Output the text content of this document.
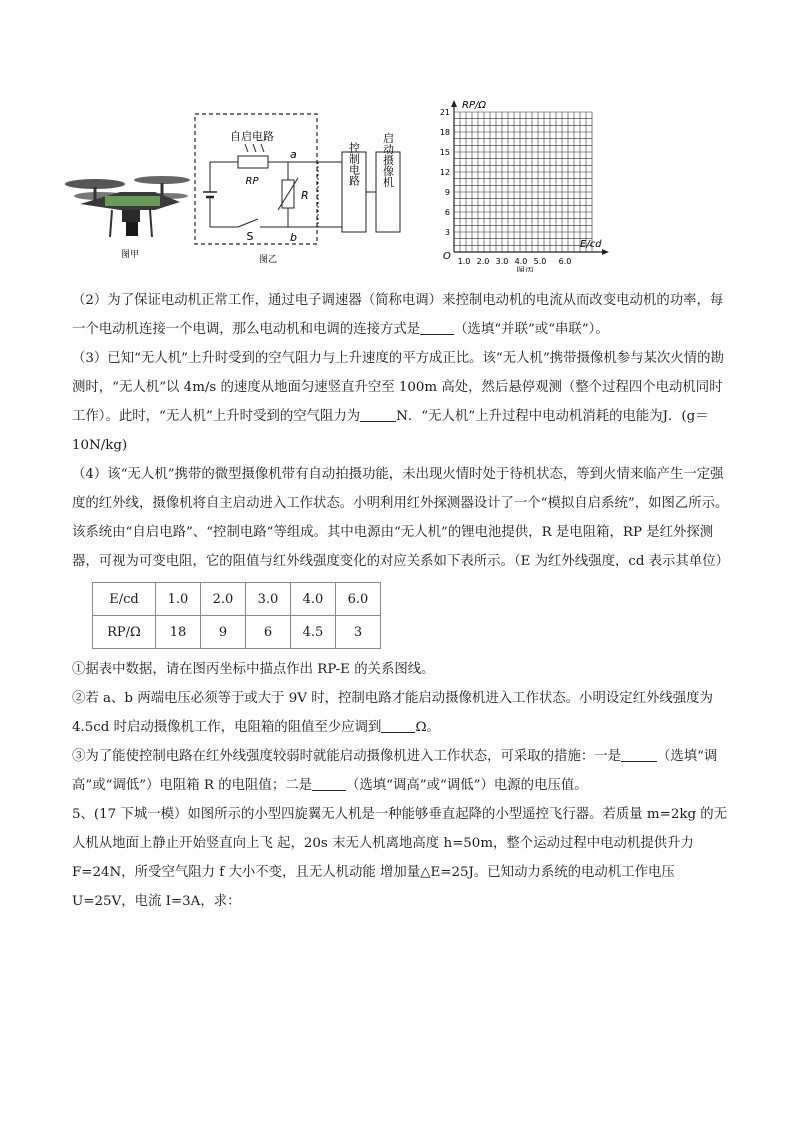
图甲
自启电路
RP
S
R
a
b
控制电路 启动摄像机
图乙
RP/Ω
E/cd
O
3
6
9
12
15
18
21
1.0 2.0 3.0 4.0 5.0 6.0
图丙

（2）为了保证电动机正常工作，通过电子调速器（简称电调）来控制电动机的电流从而改变电动机的功率，每一个电动机连接一个电调，那么电动机和电调的连接方式是	（选填“并联”或“串联”）。

（3）已知“无人机”上升时受到的空气阻力与上升速度的平方成正比。该“无人机”携带摄像机参与某次火情的勘测时，“无人机”以 4m/s 的速度从地面匀速竖直升空至 100m 高处，然后悬停观测（整个过程四个电动机同时工作）。此时，“无人机”上升时受到的空气阻力为	N．“无人机”上升过程中电动机消耗的电能为J．(g＝10N/kg)

（4）该“无人机”携带的微型摄像机带有自动拍摄功能，未出现火情时处于待机状态，等到火情来临产生一定强度的红外线，摄像机将自主启动进入工作状态。小明利用红外探测器设计了一个“模拟自启系统”，如图乙所示。该系统由“自启电路”、“控制电路”等组成。其中电源由“无人机”的锂电池提供，R 是电阻箱，RP 是红外探测器，可视为可变电阻，它的阻值与红外线强度变化的对应关系如下表所示。（E 为红外线强度，cd 表示其单位）

E/cd	1.0	2.0	3.0	4.0	6.0
RP/Ω	18	9	6	4.5	3

①据表中数据，请在图丙坐标中描点作出 RP-E 的关系图线。

②若 a、b 两端电压必须等于或大于 9V 时，控制电路才能启动摄像机进入工作状态。小明设定红外线强度为 4.5cd 时启动摄像机工作，电阻箱的阻值至少应调到	Ω。

③为了能使控制电路在红外线强度较弱时就能启动摄像机进入工作状态，可采取的措施：一是	（选填“调高”或“调低”）电阻箱 R 的电阻值；二是	（选填“调高”或“调低”）电源的电压值。

5、(17 下城一模）如图所示的小型四旋翼无人机是一种能够垂直起降的小型遥控飞行器。若质量 m=2kg 的无人机从地面上静止开始竖直向上飞 起，20s 末无人机离地高度 h=50m，整个运动过程中电动机提供升力 F=24N，所受空气阻力 f 大小不变，且无人机动能 增加量△E=25J。已知动力系统的电动机工作电压 U=25V，电流 I=3A，求：
